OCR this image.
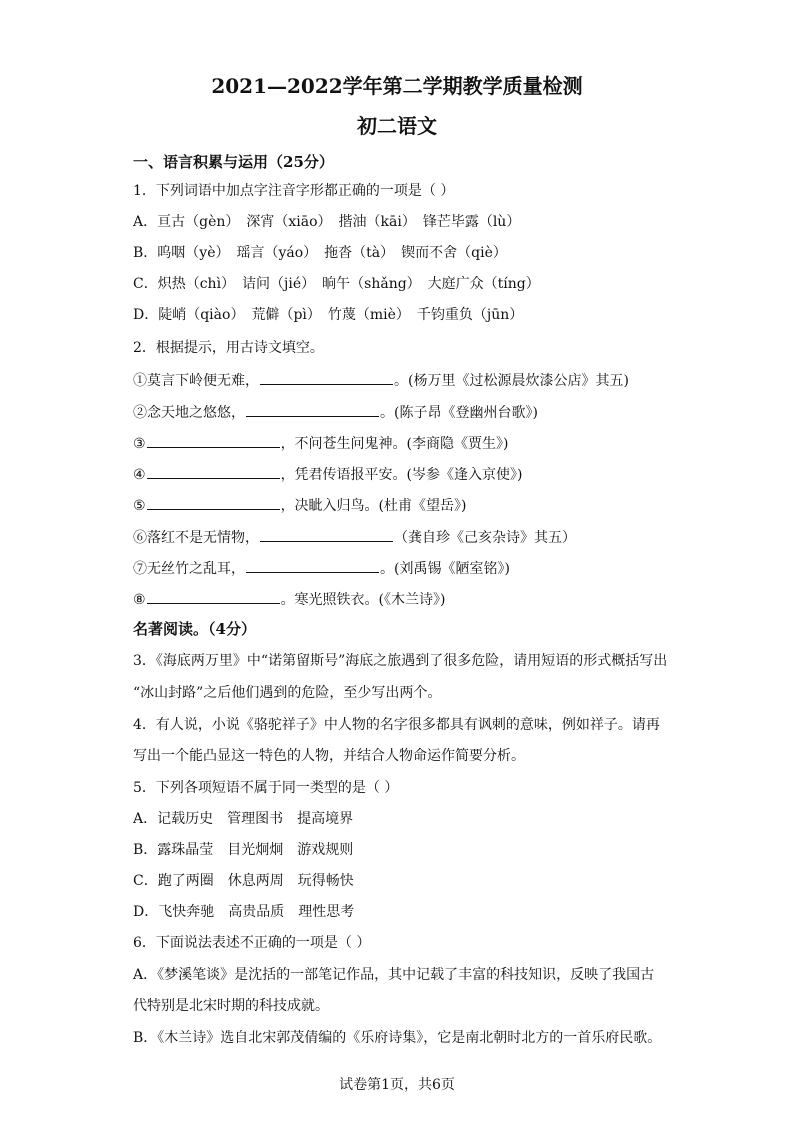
2021—2022学年第二学期教学质量检测
初二语文
一、语言积累与运用（25分）
1．下列词语中加点字注音字形都正确的一项是（ ）
A．亘古（gèn）　深宵（xiāo）　揩油（kāi）　锋芒毕露（lù）
B．呜咽（yè）　瑶言（yáo）　拖沓（tà）　锲而不舍（qiè）
C．炽热（chì）　诘问（jié）　晌午（shǎng）　大庭广众（tíng）
D．陡峭（qiào）　荒僻（pì）　竹蔑（miè）　千钧重负（jūn）
2．根据提示，用古诗文填空。
①莫言下岭便无难，	。(杨万里《过松源晨炊漆公店》其五)
②念天地之悠悠，	。(陈子昂《登幽州台歌》)
③	，不问苍生问鬼神。(李商隐《贾生》)
④	，凭君传语报平安。(岑参《逢入京使》)
⑤	，决眦入归鸟。(杜甫《望岳》)
⑥落红不是无情物，	（龚自珍《己亥杂诗》其五）
⑦无丝竹之乱耳，	。(刘禹锡《陋室铭》)
⑧	。寒光照铁衣。(《木兰诗》)
名著阅读。（4分）
3．《海底两万里》中“诺第留斯号”海底之旅遇到了很多危险，请用短语的形式概括写出
“冰山封路”之后他们遇到的危险，至少写出两个。
4．有人说，小说《骆驼祥子》中人物的名字很多都具有讽刺的意味，例如祥子。请再
写出一个能凸显这一特色的人物，并结合人物命运作简要分析。
5．下列各项短语不属于同一类型的是（ ）
A．记载历史　管理图书　提高境界
B．露珠晶莹　目光炯炯　游戏规则
C．跑了两圈　休息两周　玩得畅快
D．飞快奔驰　高贵品质　理性思考
6．下面说法表述不正确的一项是（ ）
A．《梦溪笔谈》是沈括的一部笔记作品，其中记载了丰富的科技知识，反映了我国古
代特别是北宋时期的科技成就。
B．《木兰诗》选自北宋郭茂倩编的《乐府诗集》，它是南北朝时北方的一首乐府民歌。
试卷第1页，共6页
